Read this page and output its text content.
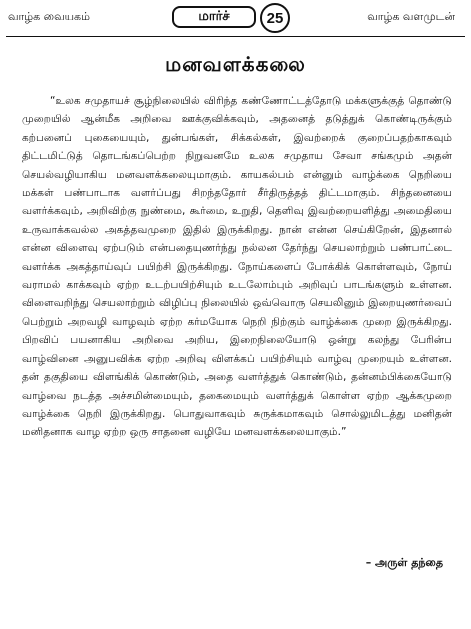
வாழ்க வையகம்	மார்ச் 25	வாழ்க வளமுடன்
மனவளக்கலை

“உலக சமுதாயச் சூழ்நிலையில் விரிந்த கண்ணோட்டத்தோடு மக்களுக்குத் தொண்டு முறையில் ஆன்மீக அறிவை ஊக்குவிக்கவும், அதனைத் தடுத்துக் கொண்டிருக்கும் கற்பனைப் புகையையும், துன்பங்கள், சிக்கல்கள், இவற்றைக் குறைப்பதற்காகவும் திட்டமிட்டுத் தொடங்கப்பெற்ற நிறுவனமே உலக சமுதாய சேவா சங்கமும் அதன் செயல்வழியாகிய மனவளக்கலையுமாகும். காயகல்பம் என்னும் வாழ்க்கை நெறியை மக்கள் பண்பாடாக வளர்ப்பது சிறந்ததோர் சீர்திருத்தத் திட்டமாகும். சிந்தனையை வளர்க்கவும், அறிவிற்கு நுண்மை, கூர்மை, உறுதி, தெளிவு இவற்றையளித்து அமைதியை உருவாக்கவல்ல அகத்தவமுறை இதில் இருக்கிறது. நான் என்ன செய்கிறேன், இதனால் என்ன விளைவு ஏற்படும் என்பதையுணர்ந்து நல்லன தேர்ந்து செயலாற்றும் பண்பாட்டை வளர்க்க அகத்தாய்வுப் பயிற்சி இருக்கிறது. நோய்களைப் போக்கிக் கொள்ளவும், நோய் வராமல் காக்கவும் ஏற்ற உடற்பயிற்சியும் உடலோம்பும் அறிவுப் பாடங்களும் உள்ளன. விளைவறிந்து செயலாற்றும் விழிப்பு நிலையில் ஒவ்வொரு செயலினும் இறையுணர்வைப் பெற்றும் அறவழி வாழவும் ஏற்ற கர்மயோக நெறி நிற்கும் வாழ்க்கை முறை இருக்கிறது. பிறவிப் பயனாகிய அறிவை அறிய, இறைநிலையோடு ஒன்று கலந்து பேரின்ப வாழ்வினை அனுபவிக்க ஏற்ற அறிவு விளக்கப் பயிற்சியும் வாழ்வு முறையும் உள்ளன. தன் தகுதியை விளங்கிக் கொண்டும், அதை வளர்த்துக் கொண்டும், தன்னம்பிக்கையோடு வாழ்வை நடத்த அச்சமின்மையும், தகைமையும் வளர்த்துக் கொள்ள ஏற்ற ஆக்கமுறை வாழ்க்கை நெறி இருக்கிறது. பொதுவாகவும் சுருக்கமாகவும் சொல்லுமிடத்து மனிதன் மனிதனாக வாழ ஏற்ற ஒரு சாதனை வழியே மனவளக்கலையாகும்.”

– அருள் தந்தை
